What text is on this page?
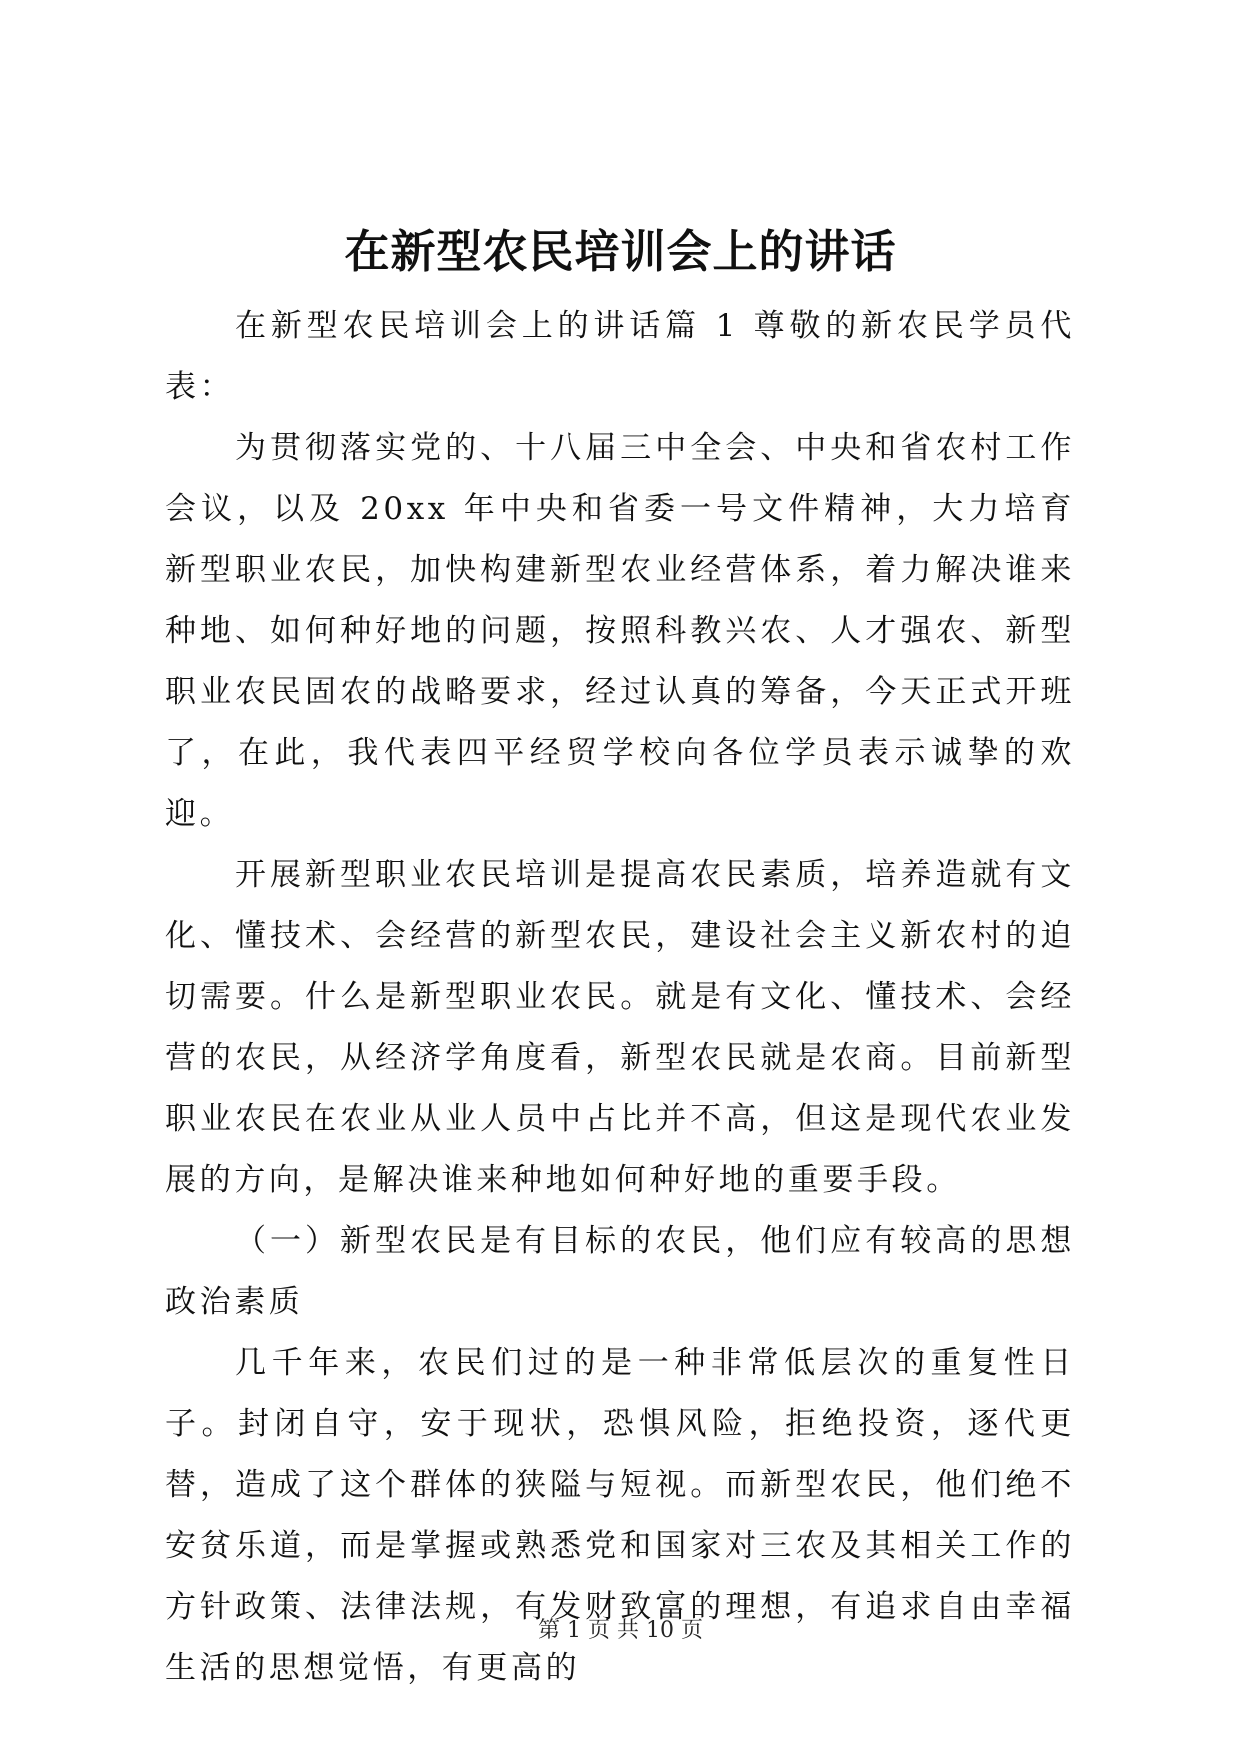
在新型农民培训会上的讲话

在新型农民培训会上的讲话篇 1 尊敬的新农民学员代表：

为贯彻落实党的、十八届三中全会、中央和省农村工作会议，以及 20xx 年中央和省委一号文件精神，大力培育新型职业农民，加快构建新型农业经营体系，着力解决谁来种地、如何种好地的问题，按照科教兴农、人才强农、新型职业农民固农的战略要求，经过认真的筹备，今天正式开班了，在此，我代表四平经贸学校向各位学员表示诚挚的欢迎。

开展新型职业农民培训是提高农民素质，培养造就有文化、懂技术、会经营的新型农民，建设社会主义新农村的迫切需要。什么是新型职业农民。就是有文化、懂技术、会经营的农民，从经济学角度看，新型农民就是农商。目前新型职业农民在农业从业人员中占比并不高，但这是现代农业发展的方向，是解决谁来种地如何种好地的重要手段。

（一）新型农民是有目标的农民，他们应有较高的思想政治素质

几千年来，农民们过的是一种非常低层次的重复性日子。封闭自守，安于现状，恐惧风险，拒绝投资，逐代更替，造成了这个群体的狭隘与短视。而新型农民，他们绝不安贫乐道，而是掌握或熟悉党和国家对三农及其相关工作的方针政策、法律法规，有发财致富的理想，有追求自由幸福生活的思想觉悟，有更高的

第 1 页 共 10 页
